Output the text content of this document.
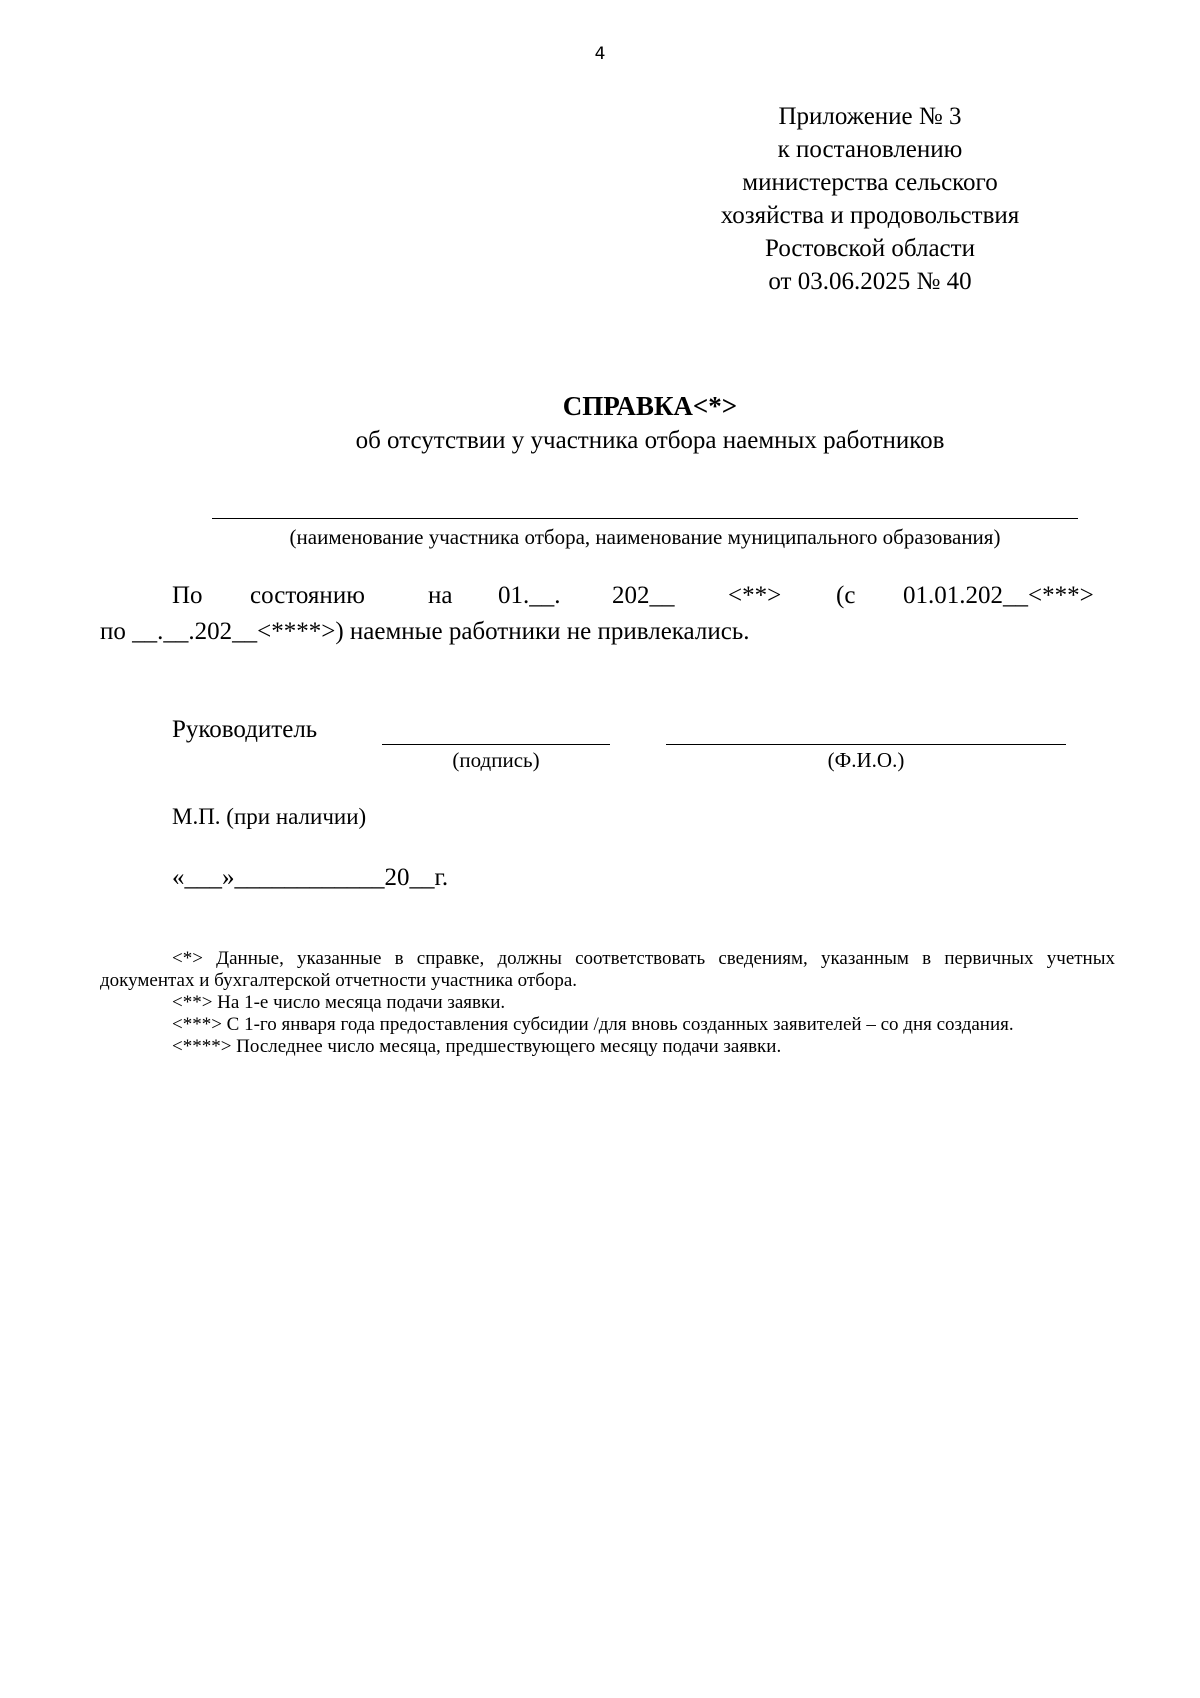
4
Приложение № 3
к постановлению
министерства сельского
хозяйства и продовольствия
Ростовской области
от 03.06.2025 № 40
СПРАВКА<*>
об отсутствии у участника отбора наемных работников
(наименование участника отбора, наименование муниципального образования)
По состоянию	на 01.__. 202__ <**> (с 01.01.202__<***>
по __.__.202__<****>) наемные работники не привлекались.
Руководитель
(подпись)	(Ф.И.О.)
М.П. (при наличии)
«___»____________20__г.

<*> Данные, указанные в справке, должны соответствовать сведениям, указанным в первичных учетных документах и бухгалтерской отчетности участника отбора.

<**> На 1-е число месяца подачи заявки.

<***> С 1-го января года предоставления субсидии /для вновь созданных заявителей – со дня создания.

<****> Последнее число месяца, предшествующего месяцу подачи заявки.
